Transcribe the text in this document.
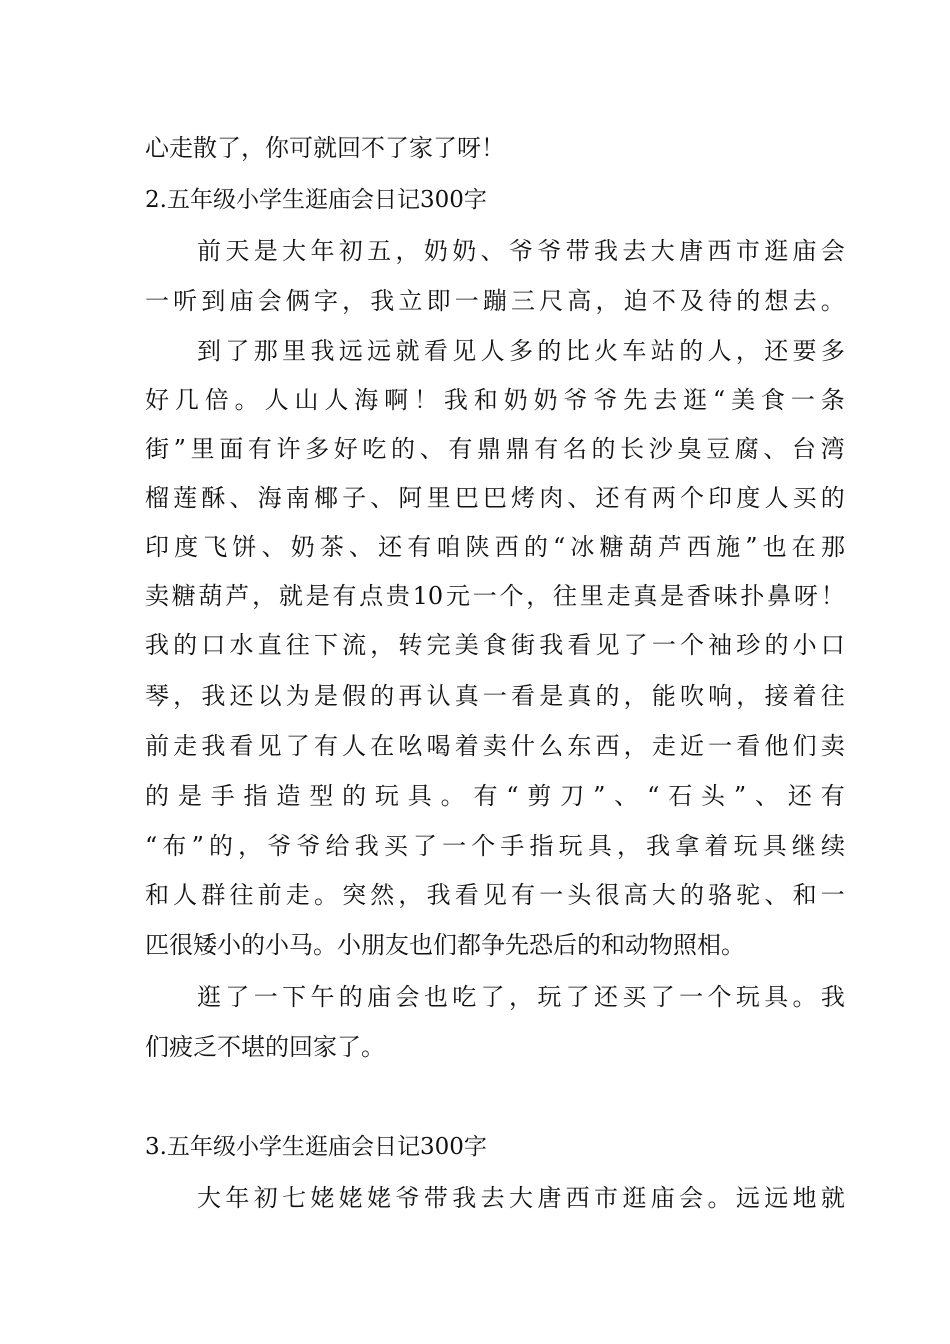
心走散了，你可就回不了家了呀！
2.五年级小学生逛庙会日记300字
前 天 是 大 年 初 五 ， 奶 奶 、 爷 爷 带 我 去 大 唐 西 市 逛 庙 会
一 听 到 庙 会 俩 字 ， 我 立 即 一 蹦 三 尺 高 ， 迫 不 及 待 的 想 去 。
到 了 那 里 我 远 远 就 看 见 人 多 的 比 火 车 站 的 人 ， 还 要 多
好 几 倍 。 人 山 人 海 啊 ！ 我 和 奶 奶 爷 爷 先 去 逛 “ 美 食 一 条
街 ” 里 面 有 许 多 好 吃 的 、 有 鼎 鼎 有 名 的 长 沙 臭 豆 腐 、 台 湾
榴 莲 酥 、 海 南 椰 子 、 阿 里 巴 巴 烤 肉 、 还 有 两 个 印 度 人 买 的
印 度 飞 饼 、 奶 茶 、 还 有 咱 陕 西 的 “ 冰 糖 葫 芦 西 施 ” 也 在 那
卖 糖 葫 芦 ， 就 是 有 点 贵 10 元 一 个 ， 往 里 走 真 是 香 味 扑 鼻 呀 ！
我 的 口 水 直 往 下 流 ， 转 完 美 食 街 我 看 见 了 一 个 袖 珍 的 小 口
琴 ， 我 还 以 为 是 假 的 再 认 真 一 看 是 真 的 ， 能 吹 响 ， 接 着 往
前 走 我 看 见 了 有 人 在 吆 喝 着 卖 什 么 东 西 ， 走 近 一 看 他 们 卖
的 是 手 指 造 型 的 玩 具 。 有 “ 剪 刀 ” 、 “ 石 头 ” 、 还 有
“ 布 ” 的 ， 爷 爷 给 我 买 了 一 个 手 指 玩 具 ， 我 拿 着 玩 具 继 续
和 人 群 往 前 走 。 突 然 ， 我 看 见 有 一 头 很 高 大 的 骆 驼 、 和 一
匹很矮小的小马。小朋友也们都争先恐后的和动物照相。
逛 了 一 下 午 的 庙 会 也 吃 了 ， 玩 了 还 买 了 一 个 玩 具 。 我
们疲乏不堪的回家了。
3.五年级小学生逛庙会日记300字
大 年 初 七 姥 姥 姥 爷 带 我 去 大 唐 西 市 逛 庙 会 。 远 远 地 就
